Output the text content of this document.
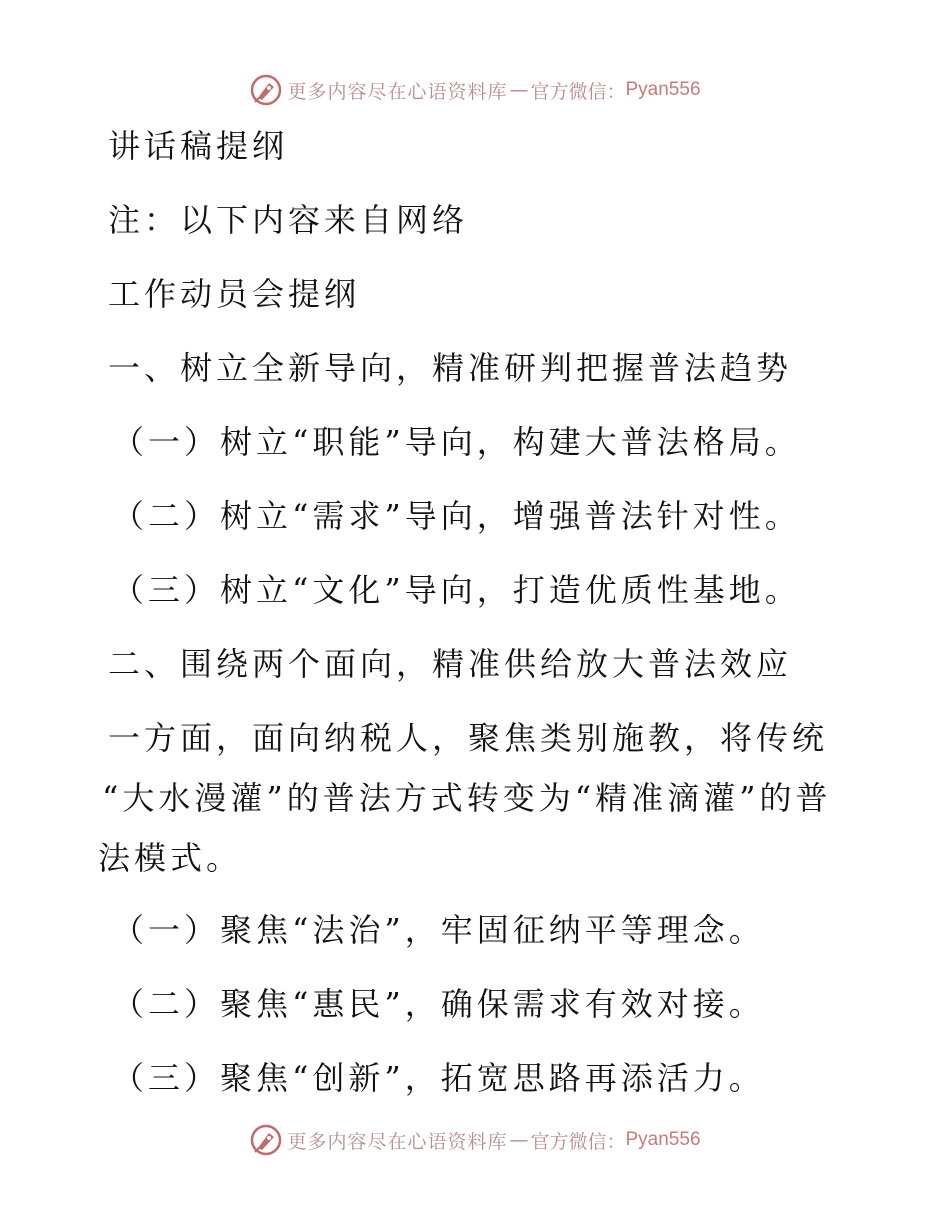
更多内容尽在心语资料库 — 官方微信： Pyan556
讲话稿提纲
注：以下内容来自网络
工作动员会提纲
一、树立全新导向，精准研判把握普法趋势
（一）树立“职能”导向，构建大普法格局。
（二）树立“需求”导向，增强普法针对性。
（三）树立“文化”导向，打造优质性基地。
二、围绕两个面向，精准供给放大普法效应
一方面，面向纳税人，聚焦类别施教，将传统
“大水漫灌”的普法方式转变为“精准滴灌”的普
法模式。
（一）聚焦“法治”，牢固征纳平等理念。
（二）聚焦“惠民”，确保需求有效对接。
（三）聚焦“创新”，拓宽思路再添活力。
更多内容尽在心语资料库 — 官方微信： Pyan556
